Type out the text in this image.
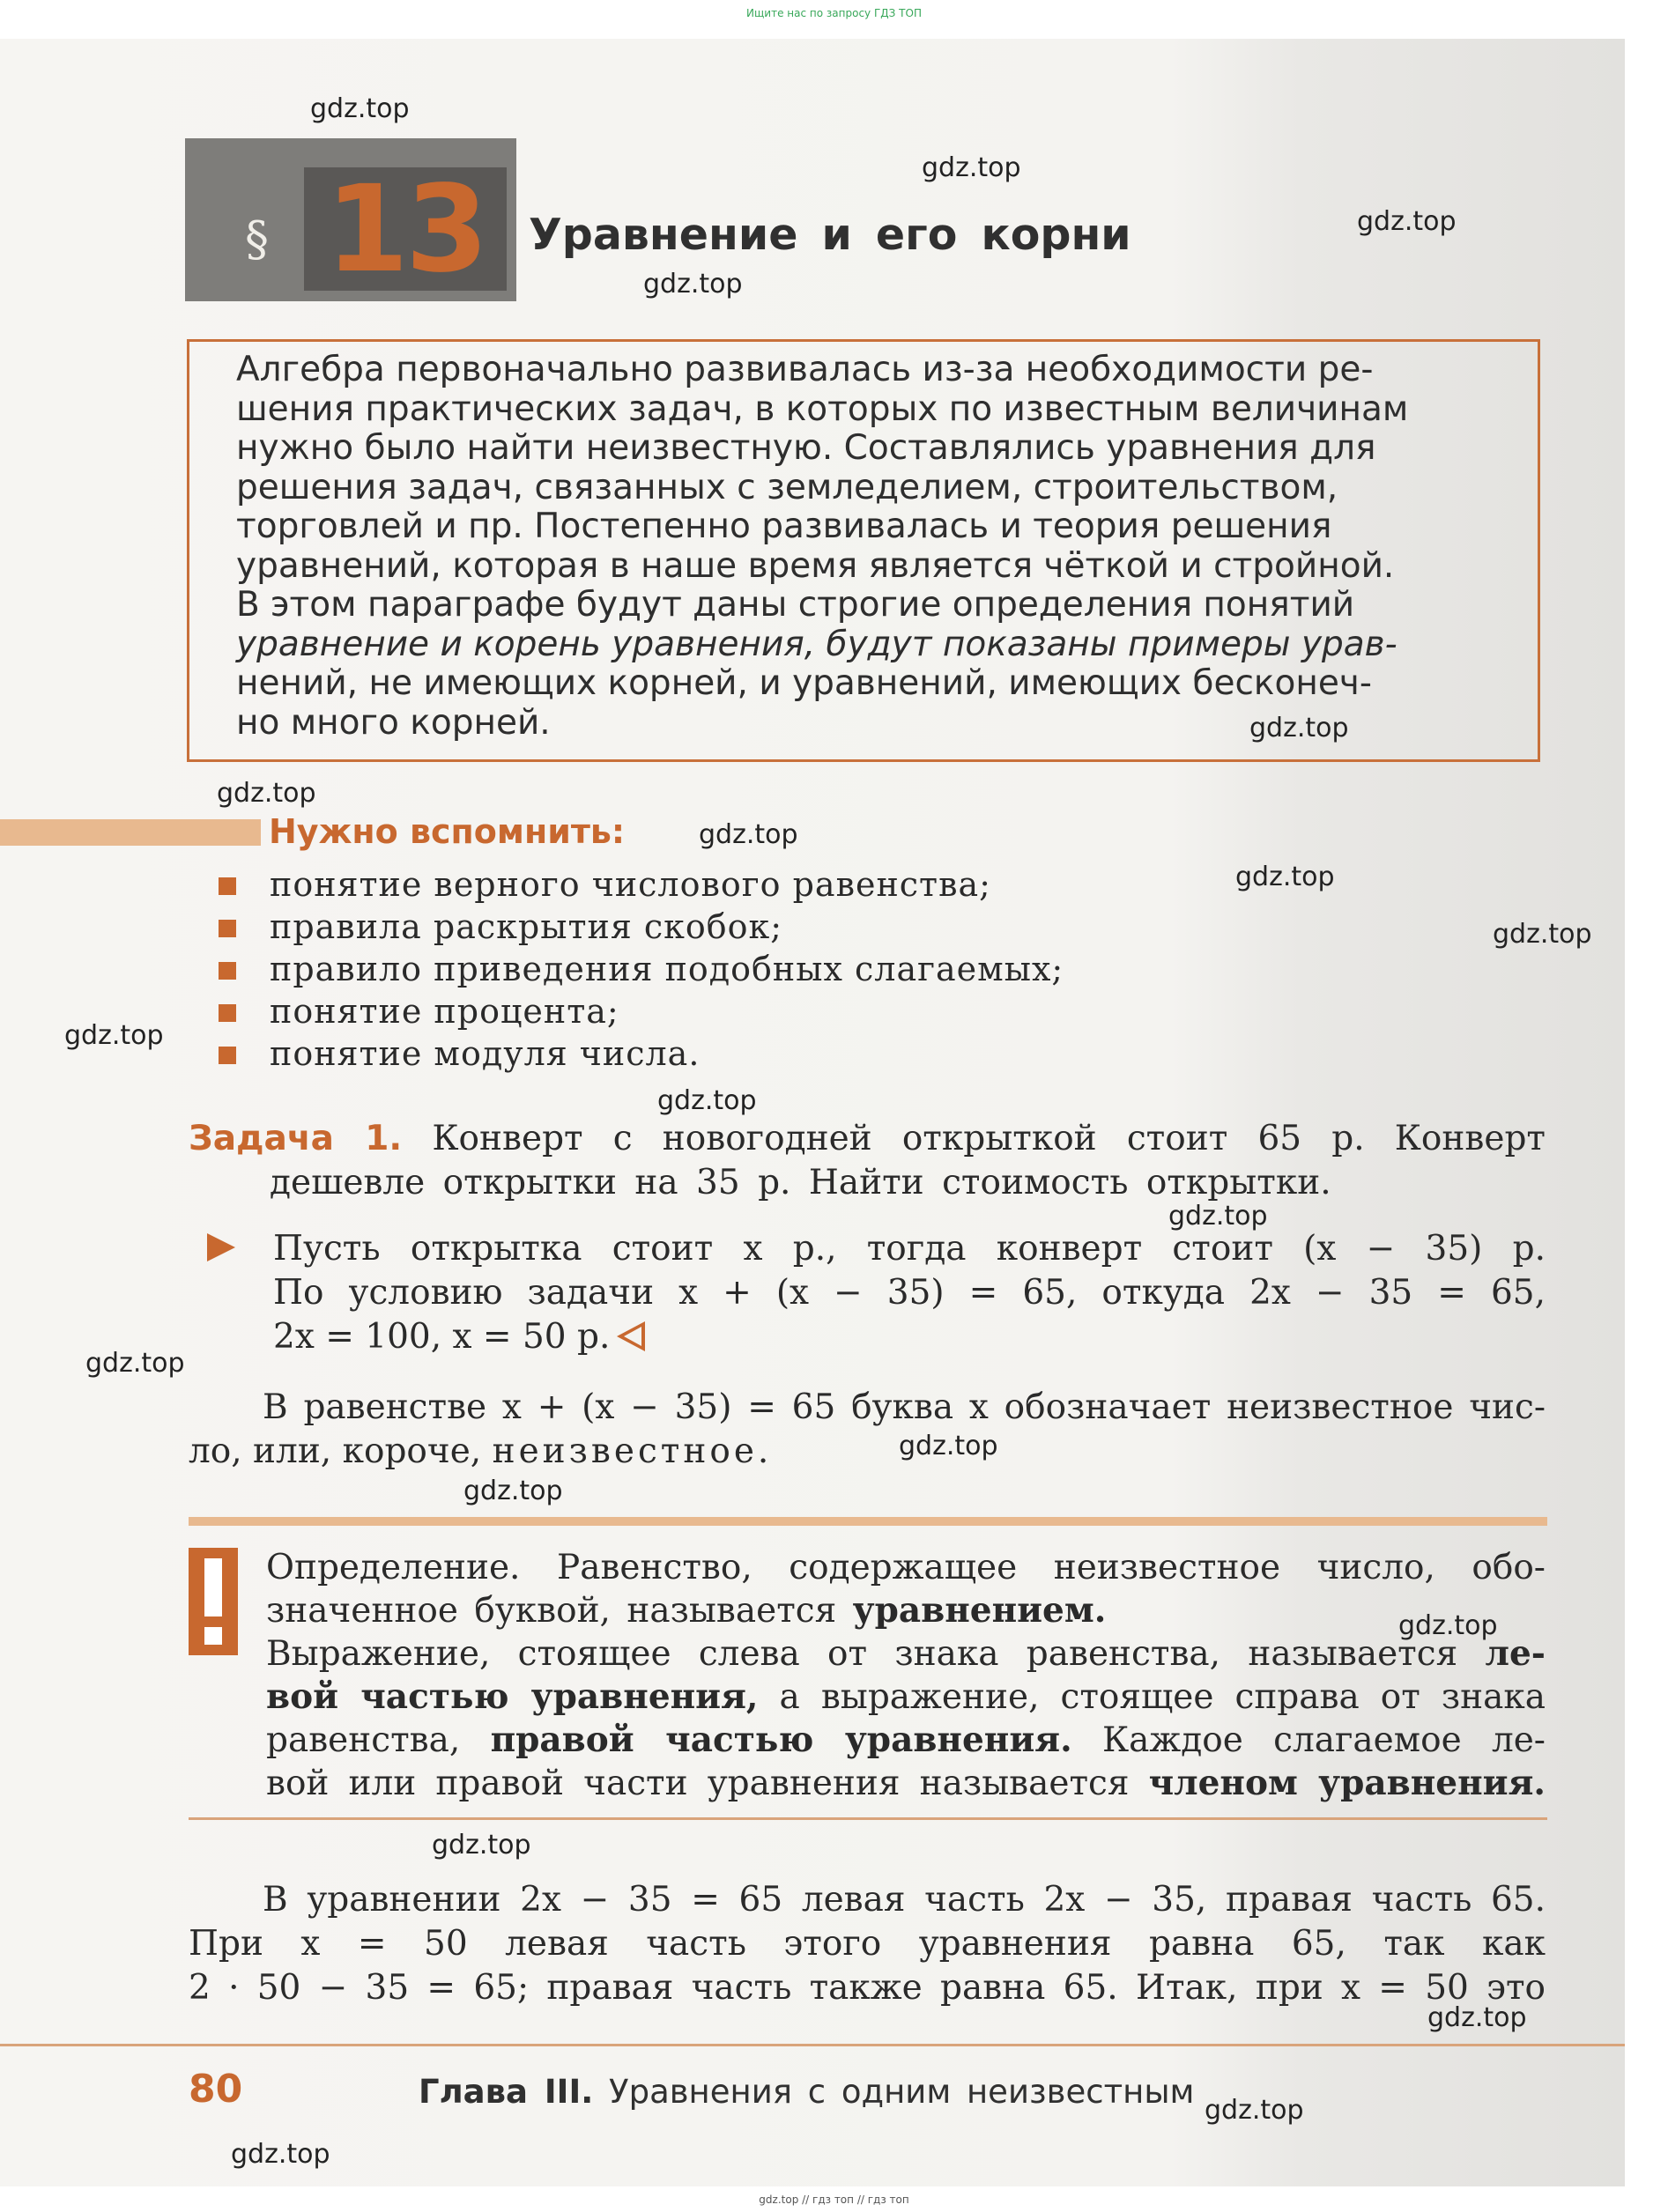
Ищите нас по запросу ГДЗ ТОП
§ 13	Уравнение и его корни
Алгебра первоначально развивалась из-за необходимости ре-
шения практических задач, в которых по известным величинам
нужно было найти неизвестную. Составлялись уравнения для
решения задач, связанных с земледелием, строительством,
торговлей и пр. Постепенно развивалась и теория решения
уравнений, которая в наше время является чёткой и стройной.
В этом параграфе будут даны строгие определения понятий
уравнение и корень уравнения, будут показаны примеры урав-
нений, не имеющих корней, и уравнений, имеющих бесконеч-
но много корней.
Нужно вспомнить:
понятие верного числового равенства;
правила раскрытия скобок;
правило приведения подобных слагаемых;
понятие процента;
понятие модуля числа.
Задача 1. Конверт с новогодней открыткой стоит 65 р. Конверт
дешевле открытки на 35 р. Найти стоимость открытки.
Пусть открытка стоит x р., тогда конверт стоит (x − 35) р.
По условию задачи x + (x − 35) = 65, откуда 2x − 35 = 65,
2x = 100, x = 50 р.
В равенстве x + (x − 35) = 65 буква x обозначает неизвестное чис-
ло, или, короче, неизвестное.
Определение. Равенство, содержащее неизвестное число, обо-
значенное буквой, называется уравнением.
Выражение, стоящее слева от знака равенства, называется ле-
вой частью уравнения, а выражение, стоящее справа от знака
равенства, правой частью уравнения. Каждое слагаемое ле-
вой или правой части уравнения называется членом уравнения.
В уравнении 2x − 35 = 65 левая часть 2x − 35, правая часть 65.
При x = 50 левая часть этого уравнения равна 65, так как
2 · 50 − 35 = 65; правая часть также равна 65. Итак, при x = 50 это
80	Глава III. Уравнения с одним неизвестным
gdz.top
gdz.top
gdz.top
gdz.top
gdz.top
gdz.top
gdz.top
gdz.top
gdz.top
gdz.top
gdz.top
gdz.top
gdz.top
gdz.top
gdz.top
gdz.top
gdz.top
gdz.top
gdz.top
gdz.top
gdz.top // гдз топ // гдз топ
